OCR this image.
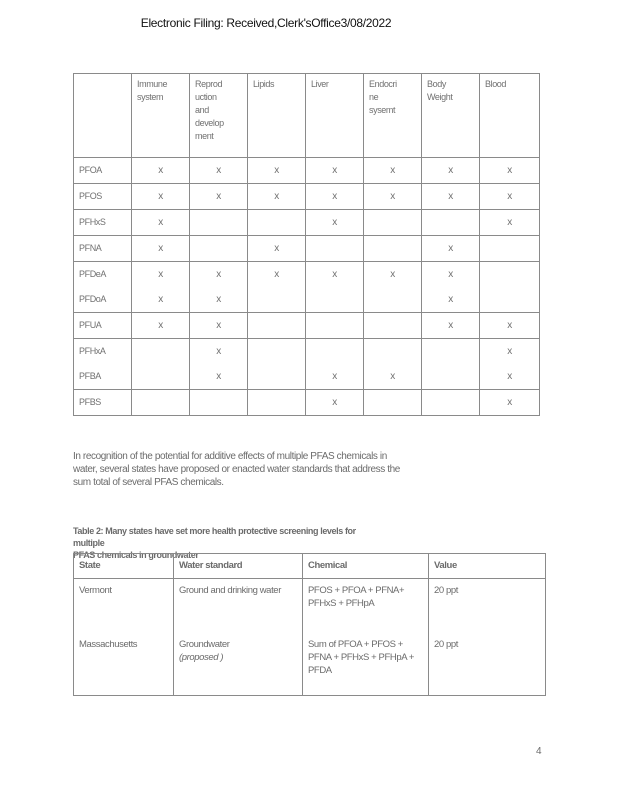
Electronic Filing: Received,Clerk'sOffice3/08/2022

	Immune
system	Reprod
uction
and
develop
ment	Lipids	Liver	Endocri
ne
sysemt	Body
Weight	Blood

PFOA	x	x	x	x	x	x	x
PFOS	x	x	x	x	x	x	x
PFHxS	x			x			x
PFNA	x		x			x	
PFDeA	x	x	x	x	x	x	
PFDoA	x	x				x	
PFUA	x	x				x	x
PFHxA		x					x
PFBA		x		x	x		x
PFBS				x			x
In recognition of the potential for additive effects of multiple PFAS chemicals in water, several states have proposed or enacted water standards that address the sum total of several PFAS chemicals.
Table 2: Many states have set more health protective screening levels for multiple
PFAS chemicals in groundwater
State	Water standard	Chemical	Value
Vermont	Ground and drinking water	PFOS + PFOA + PFNA+ PFHxS + PFHpA	20 ppt
Massachusetts	Groundwater
(proposed )	Sum of PFOA + PFOS + PFNA + PFHxS + PFHpA + PFDA	20 ppt
4
